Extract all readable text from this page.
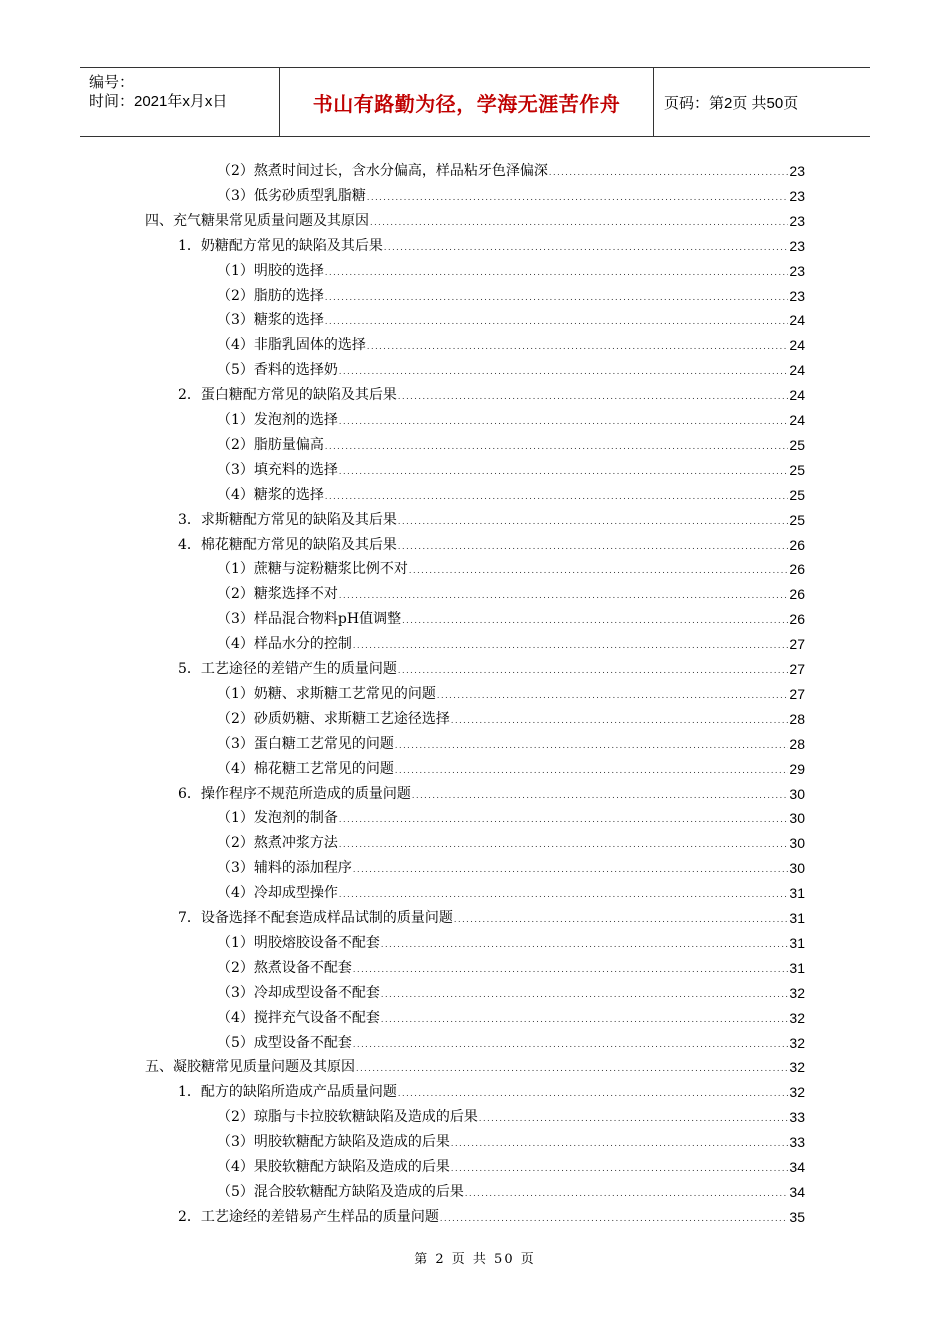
编号：
时间：2021年x月x日	书山有路勤为径，学海无涯苦作舟	页码：第2页 共50页
（2）熬煮时间过长，含水分偏高，样品粘牙色泽偏深 . . .	23
（3）低劣砂质型乳脂糖 . . .	23
四、充气糖果常见质量问题及其原因 . . .	23
1．奶糖配方常见的缺陷及其后果 . . .	23
（1）明胶的选择 . . .	23
（2）脂肪的选择 . . .	23
（3）糖浆的选择 . . .	24
（4）非脂乳固体的选择 . . .	24
（5）香料的选择奶 . . .	24
2．蛋白糖配方常见的缺陷及其后果 . . .	24
（1）发泡剂的选择 . . .	24
（2）脂肪量偏高 . . .	25
（3）填充料的选择 . . .	25
（4）糖浆的选择 . . .	25
3．求斯糖配方常见的缺陷及其后果 . . .	25
4．棉花糖配方常见的缺陷及其后果 . . .	26
（1）蔗糖与淀粉糖浆比例不对 . . .	26
（2）糖浆选择不对 . . .	26
（3）样品混合物料pH值调整 . . .	26
（4）样品水分的控制 . . .	27
5．工艺途径的差错产生的质量问题 . . .	27
（1）奶糖、求斯糖工艺常见的问题 . . .	27
（2）砂质奶糖、求斯糖工艺途径选择 . . .	28
（3）蛋白糖工艺常见的问题 . . .	28
（4）棉花糖工艺常见的问题 . . .	29
6．操作程序不规范所造成的质量问题 . . .	30
（1）发泡剂的制备 . . .	30
（2）熬煮冲浆方法 . . .	30
（3）辅料的添加程序 . . .	30
（4）冷却成型操作 . . .	31
7．设备选择不配套造成样品试制的质量问题 . . .	31
（1）明胶熔胶设备不配套 . . .	31
（2）熬煮设备不配套 . . .	31
（3）冷却成型设备不配套 . . .	32
（4）搅拌充气设备不配套 . . .	32
（5）成型设备不配套 . . .	32
五、凝胶糖常见质量问题及其原因 . . .	32
1．配方的缺陷所造成产品质量问题 . . .	32
（2）琼脂与卡拉胶软糖缺陷及造成的后果 . . .	33
（3）明胶软糖配方缺陷及造成的后果 . . .	33
（4）果胶软糖配方缺陷及造成的后果 . . .	34
（5）混合胶软糖配方缺陷及造成的后果 . . .	34
2．工艺途经的差错易产生样品的质量问题 . . .	35
第 2 页 共 50 页
